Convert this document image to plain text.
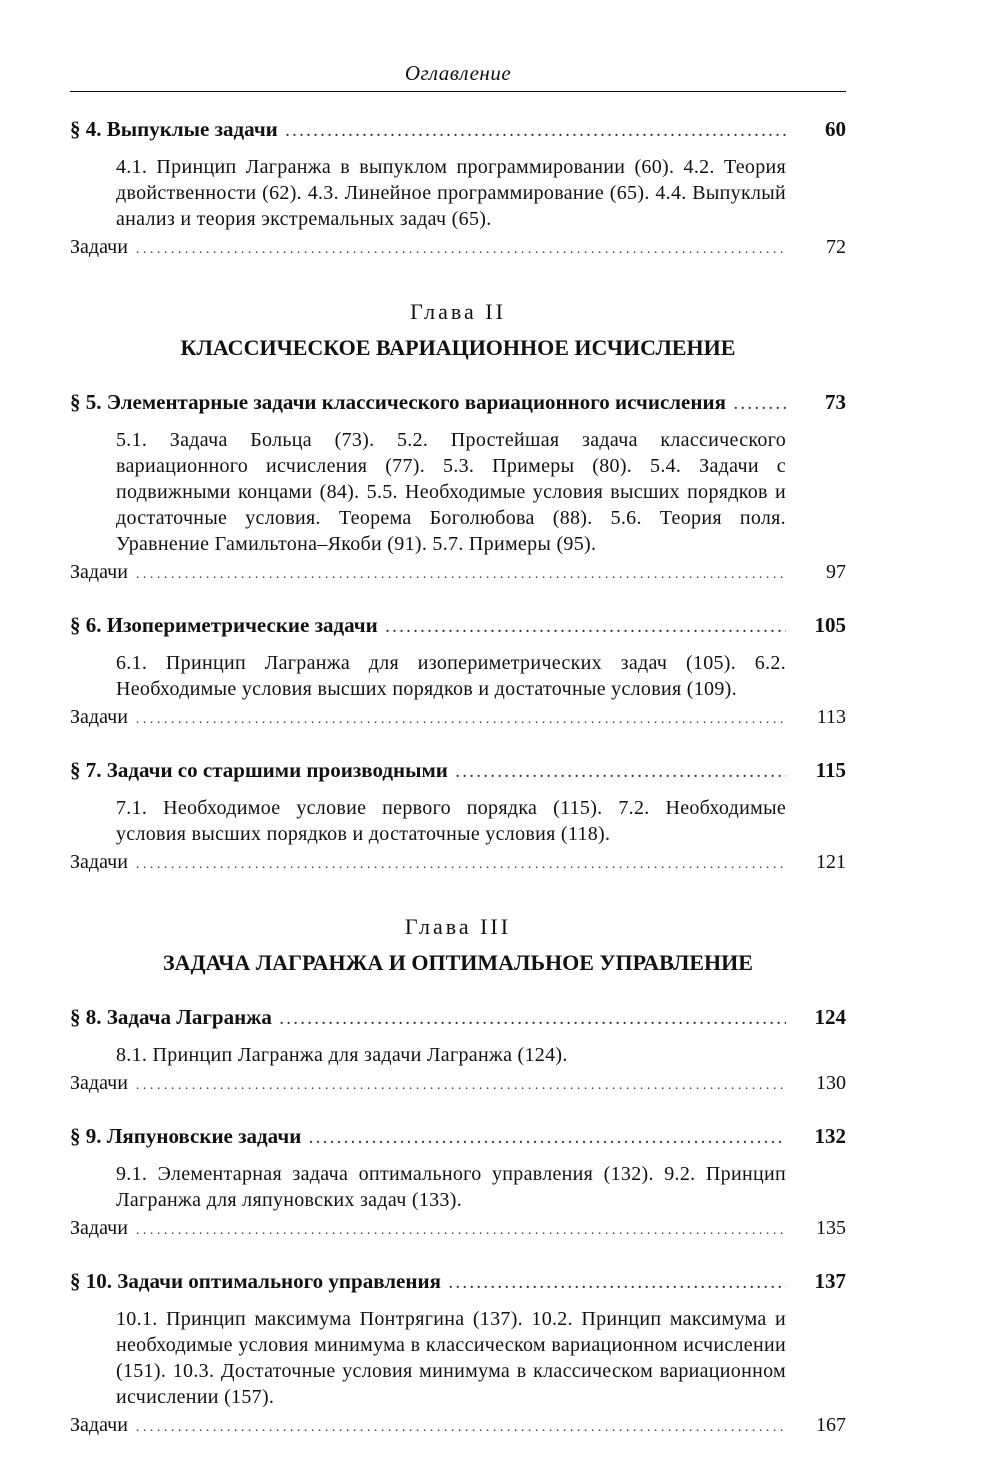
Оглавление
§ 4. Выпуклые задачи . . .	60
4.1. Принцип Лагранжа в выпуклом программировании (60). 4.2. Теория двойственности (62). 4.3. Линейное программирование (65). 4.4. Выпуклый анализ и теория экстремальных задач (65).
Задачи . . .	72
Глава II
КЛАССИЧЕСКОЕ ВАРИАЦИОННОЕ ИСЧИСЛЕНИЕ
§ 5. Элементарные задачи классического вариационного исчисления . . .	73
5.1. Задача Больца (73). 5.2. Простейшая задача классического вариационного исчисления (77). 5.3. Примеры (80). 5.4. Задачи с подвижными концами (84). 5.5. Необходимые условия высших порядков и достаточные условия. Теорема Боголюбова (88). 5.6. Теория поля. Уравнение Гамильтона–Якоби (91). 5.7. Примеры (95).
Задачи . . .	97
§ 6. Изопериметрические задачи . . .	105
6.1. Принцип Лагранжа для изопериметрических задач (105). 6.2. Необходимые условия высших порядков и достаточные условия (109).
Задачи . . .	113
§ 7. Задачи со старшими производными . . .	115
7.1. Необходимое условие первого порядка (115). 7.2. Необходимые условия высших порядков и достаточные условия (118).
Задачи . . .	121
Глава III
ЗАДАЧА ЛАГРАНЖА И ОПТИМАЛЬНОЕ УПРАВЛЕНИЕ
§ 8. Задача Лагранжа . . .	124
8.1. Принцип Лагранжа для задачи Лагранжа (124).
Задачи . . .	130
§ 9. Ляпуновские задачи . . .	132
9.1. Элементарная задача оптимального управления (132). 9.2. Принцип Лагранжа для ляпуновских задач (133).
Задачи . . .	135
§ 10. Задачи оптимального управления . . .	137
10.1. Принцип максимума Понтрягина (137). 10.2. Принцип максимума и необходимые условия минимума в классическом вариационном исчислении (151). 10.3. Достаточные условия минимума в классическом вариационном исчислении (157).
Задачи . . .	167
